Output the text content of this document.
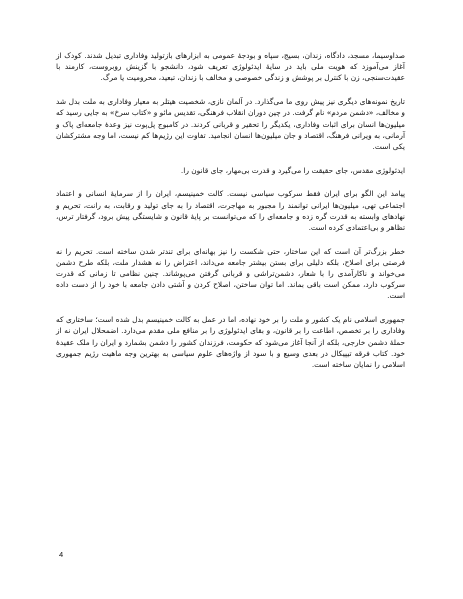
صداوسیما، مسجد، دادگاه، زندان، بسیج، سپاه و بودجهٔ عمومی به ابزارهای بازتولید وفاداری تبدیل شدند. کودک از آغاز می‌آموزد که هویت ملی باید در سایهٔ ایدئولوژی تعریف شود، دانشجو با گزینش روبروست، کارمند با عقیدت‌سنجی، زن با کنترل بر پوشش و زندگی خصوصی و مخالف با زندان، تبعید، محرومیت یا مرگ.

تاریخ نمونه‌های دیگری نیز پیش روی ما می‌گذارد. در آلمان نازی، شخصیت هیتلر به معیار وفاداری به ملت بدل شد و مخالف، «دشمن مردم» نام گرفت. در چین دوران انقلاب فرهنگی، تقدیس مائو و «کتاب سرخ» به جایی رسید که میلیون‌ها انسان برای اثبات وفاداری، یکدیگر را تحقیر و قربانی کردند. در کامبوج پل‌پوت نیز وعدهٔ جامعه‌ای پاک و آرمانی، به ویرانی فرهنگ، اقتصاد و جان میلیون‌ها انسان انجامید. تفاوت این رژیم‌ها کم نیست، اما وجه مشترکشان یکی است.

ایدئولوژی مقدس، جای حقیقت را می‌گیرد و قدرت بی‌مهار، جای قانون را.

پیامد این الگو برای ایران فقط سرکوب سیاسی نیست. کالت خمینیسم، ایران را از سرمایهٔ انسانی و اعتماد اجتماعی تهی، میلیون‌ها ایرانی توانمند را مجبور به مهاجرت، اقتصاد را به جای تولید و رقابت، به رانت، تحریم و نهادهای وابسته به قدرت گره زده و جامعه‌ای را که می‌توانست بر پایهٔ قانون و شایستگی پیش برود، گرفتار ترس، تظاهر و بی‌اعتمادی کرده است.

خطر بزرگ‌تر آن است که این ساختار، حتی شکست را نیز بهانه‌ای برای تندتر شدن ساخته است. تحریم را نه فرصتی برای اصلاح، بلکه دلیلی برای بستن بیشتر جامعه می‌داند، اعتراض را نه هشدار ملت، بلکه طرح دشمن می‌خواند و ناکارآمدی را با شعار، دشمن‌تراشی و قربانی گرفتن می‌پوشاند. چنین نظامی تا زمانی که قدرت سرکوب دارد، ممکن است باقی بماند. اما توان ساختن، اصلاح کردن و آشتی دادن جامعه با خود را از دست داده است.

جمهوری اسلامی نام یک کشور و ملت را بر خود نهاده، اما در عمل به کالت خمینیسم بدل شده است؛ ساختاری که وفاداری را بر تخصص، اطاعت را بر قانون، و بقای ایدئولوژی را بر منافع ملی مقدم می‌دارد. اضمحلال ایران نه از حملهٔ دشمن خارجی، بلکه از آنجا آغاز می‌شود که حکومت، فرزندان کشور را دشمن بشمارد و ایران را ملک عقیدهٔ خود. کتاب فرقه تیپیکال در بعدی وسیع و با سود از واژه‌های علوم سیاسی به بهترین وجه ماهیت رژیم جمهوری اسلامی را نمایان ساخته است.

4
